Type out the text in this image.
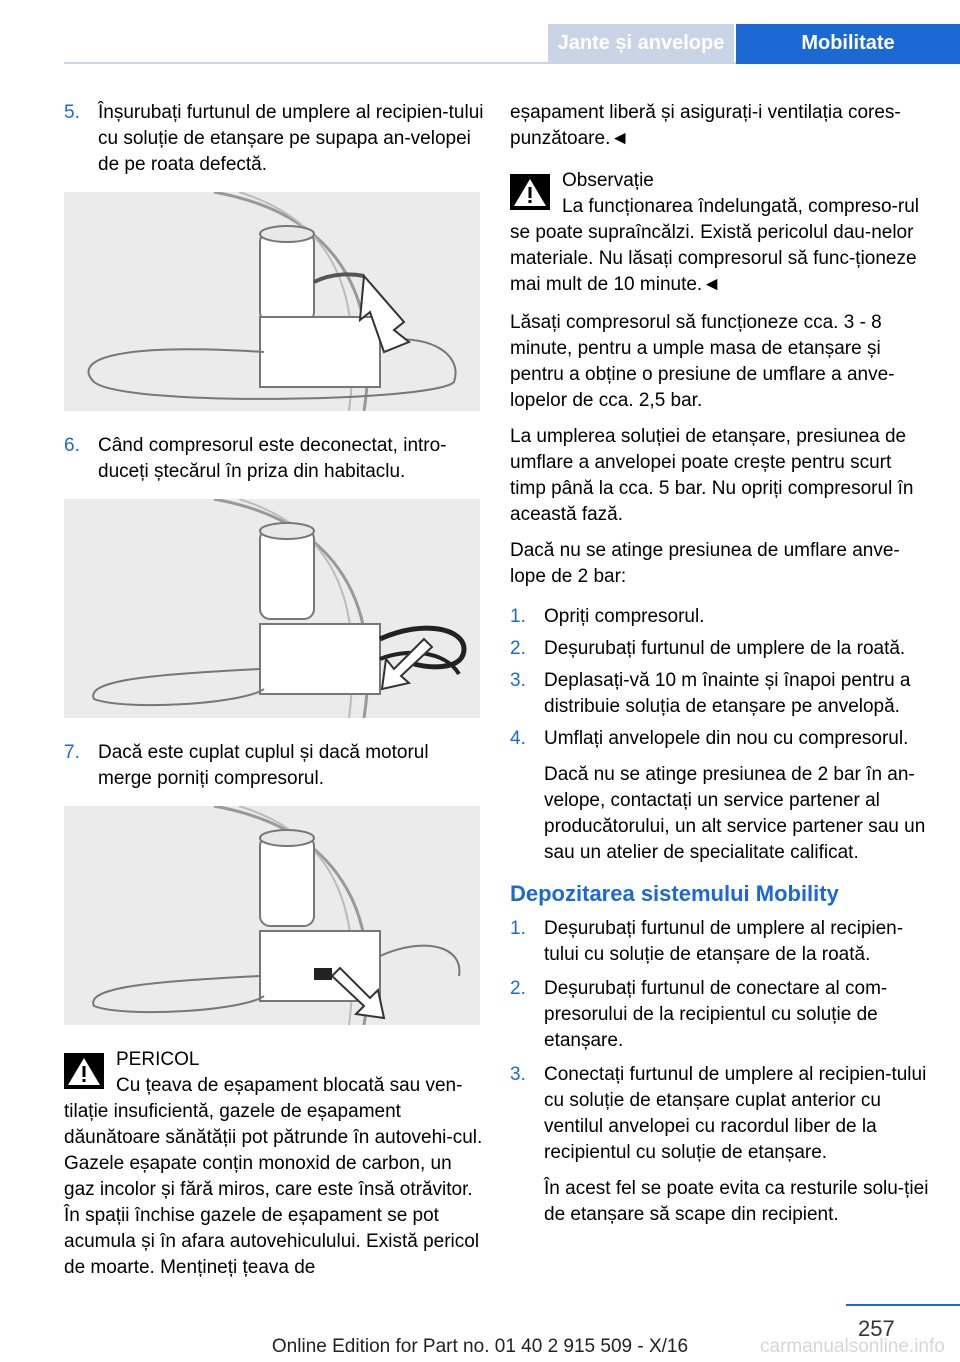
Jante și anvelope	Mobilitate
5. Înșurubați furtunul de umplere al recipien-tului cu soluție de etanșare pe supapa an-velopei de pe roata defectă.
6. Când compresorul este deconectat, intro-duceți ștecărul în priza din habitaclu.
7. Dacă este cuplat cuplul și dacă motorul merge porniți compresorul.
PERICOL
Cu țeava de eșapament blocată sau ven-tilație insuficientă, gazele de eșapament dăunătoare sănătății pot pătrunde în autovehi-cul. Gazele eșapate conțin monoxid de carbon, un gaz incolor și fără miros, care este însă otrăvitor. În spații închise gazele de eșapament se pot acumula și în afara autovehiculului. Există pericol de moarte. Mențineți țeava de

eșapament liberă și asigurați-i ventilația cores-punzătoare.◄

Observație
La funcționarea îndelungată, compreso-rul se poate supraîncălzi. Există pericolul dau-nelor materiale. Nu lăsați compresorul să func-ționeze mai mult de 10 minute.◄

Lăsați compresorul să funcționeze cca. 3 - 8 minute, pentru a umple masa de etanșare și pentru a obține o presiune de umflare a anve-lopelor de cca. 2,5 bar.

La umplerea soluției de etanșare, presiunea de umflare a anvelopei poate crește pentru scurt timp până la cca. 5 bar. Nu opriți compresorul în această fază.

Dacă nu se atinge presiunea de umflare anve-lope de 2 bar:

1. Opriți compresorul.
2. Deșurubați furtunul de umplere de la roată.
3. Deplasați-vă 10 m înainte și înapoi pentru a distribuie soluția de etanșare pe anvelopă.
4. Umflați anvelopele din nou cu compresorul.
Dacă nu se atinge presiunea de 2 bar în an-velope, contactați un service partener al producătorului, un alt service partener sau un sau un atelier de specialitate calificat.
Depozitarea sistemului Mobility
1. Deșurubați furtunul de umplere al recipien-tului cu soluție de etanșare de la roată.
2. Deșurubați furtunul de conectare al com-presorului de la recipientul cu soluție de etanșare.
3. Conectați furtunul de umplere al recipien-tului cu soluție de etanșare cuplat anterior cu ventilul anvelopei cu racordul liber de la recipientul cu soluție de etanșare.
În acest fel se poate evita ca resturile solu-ției de etanșare să scape din recipient.
257
Online Edition for Part no. 01 40 2 915 509 - X/16	carmanualsonline.info
